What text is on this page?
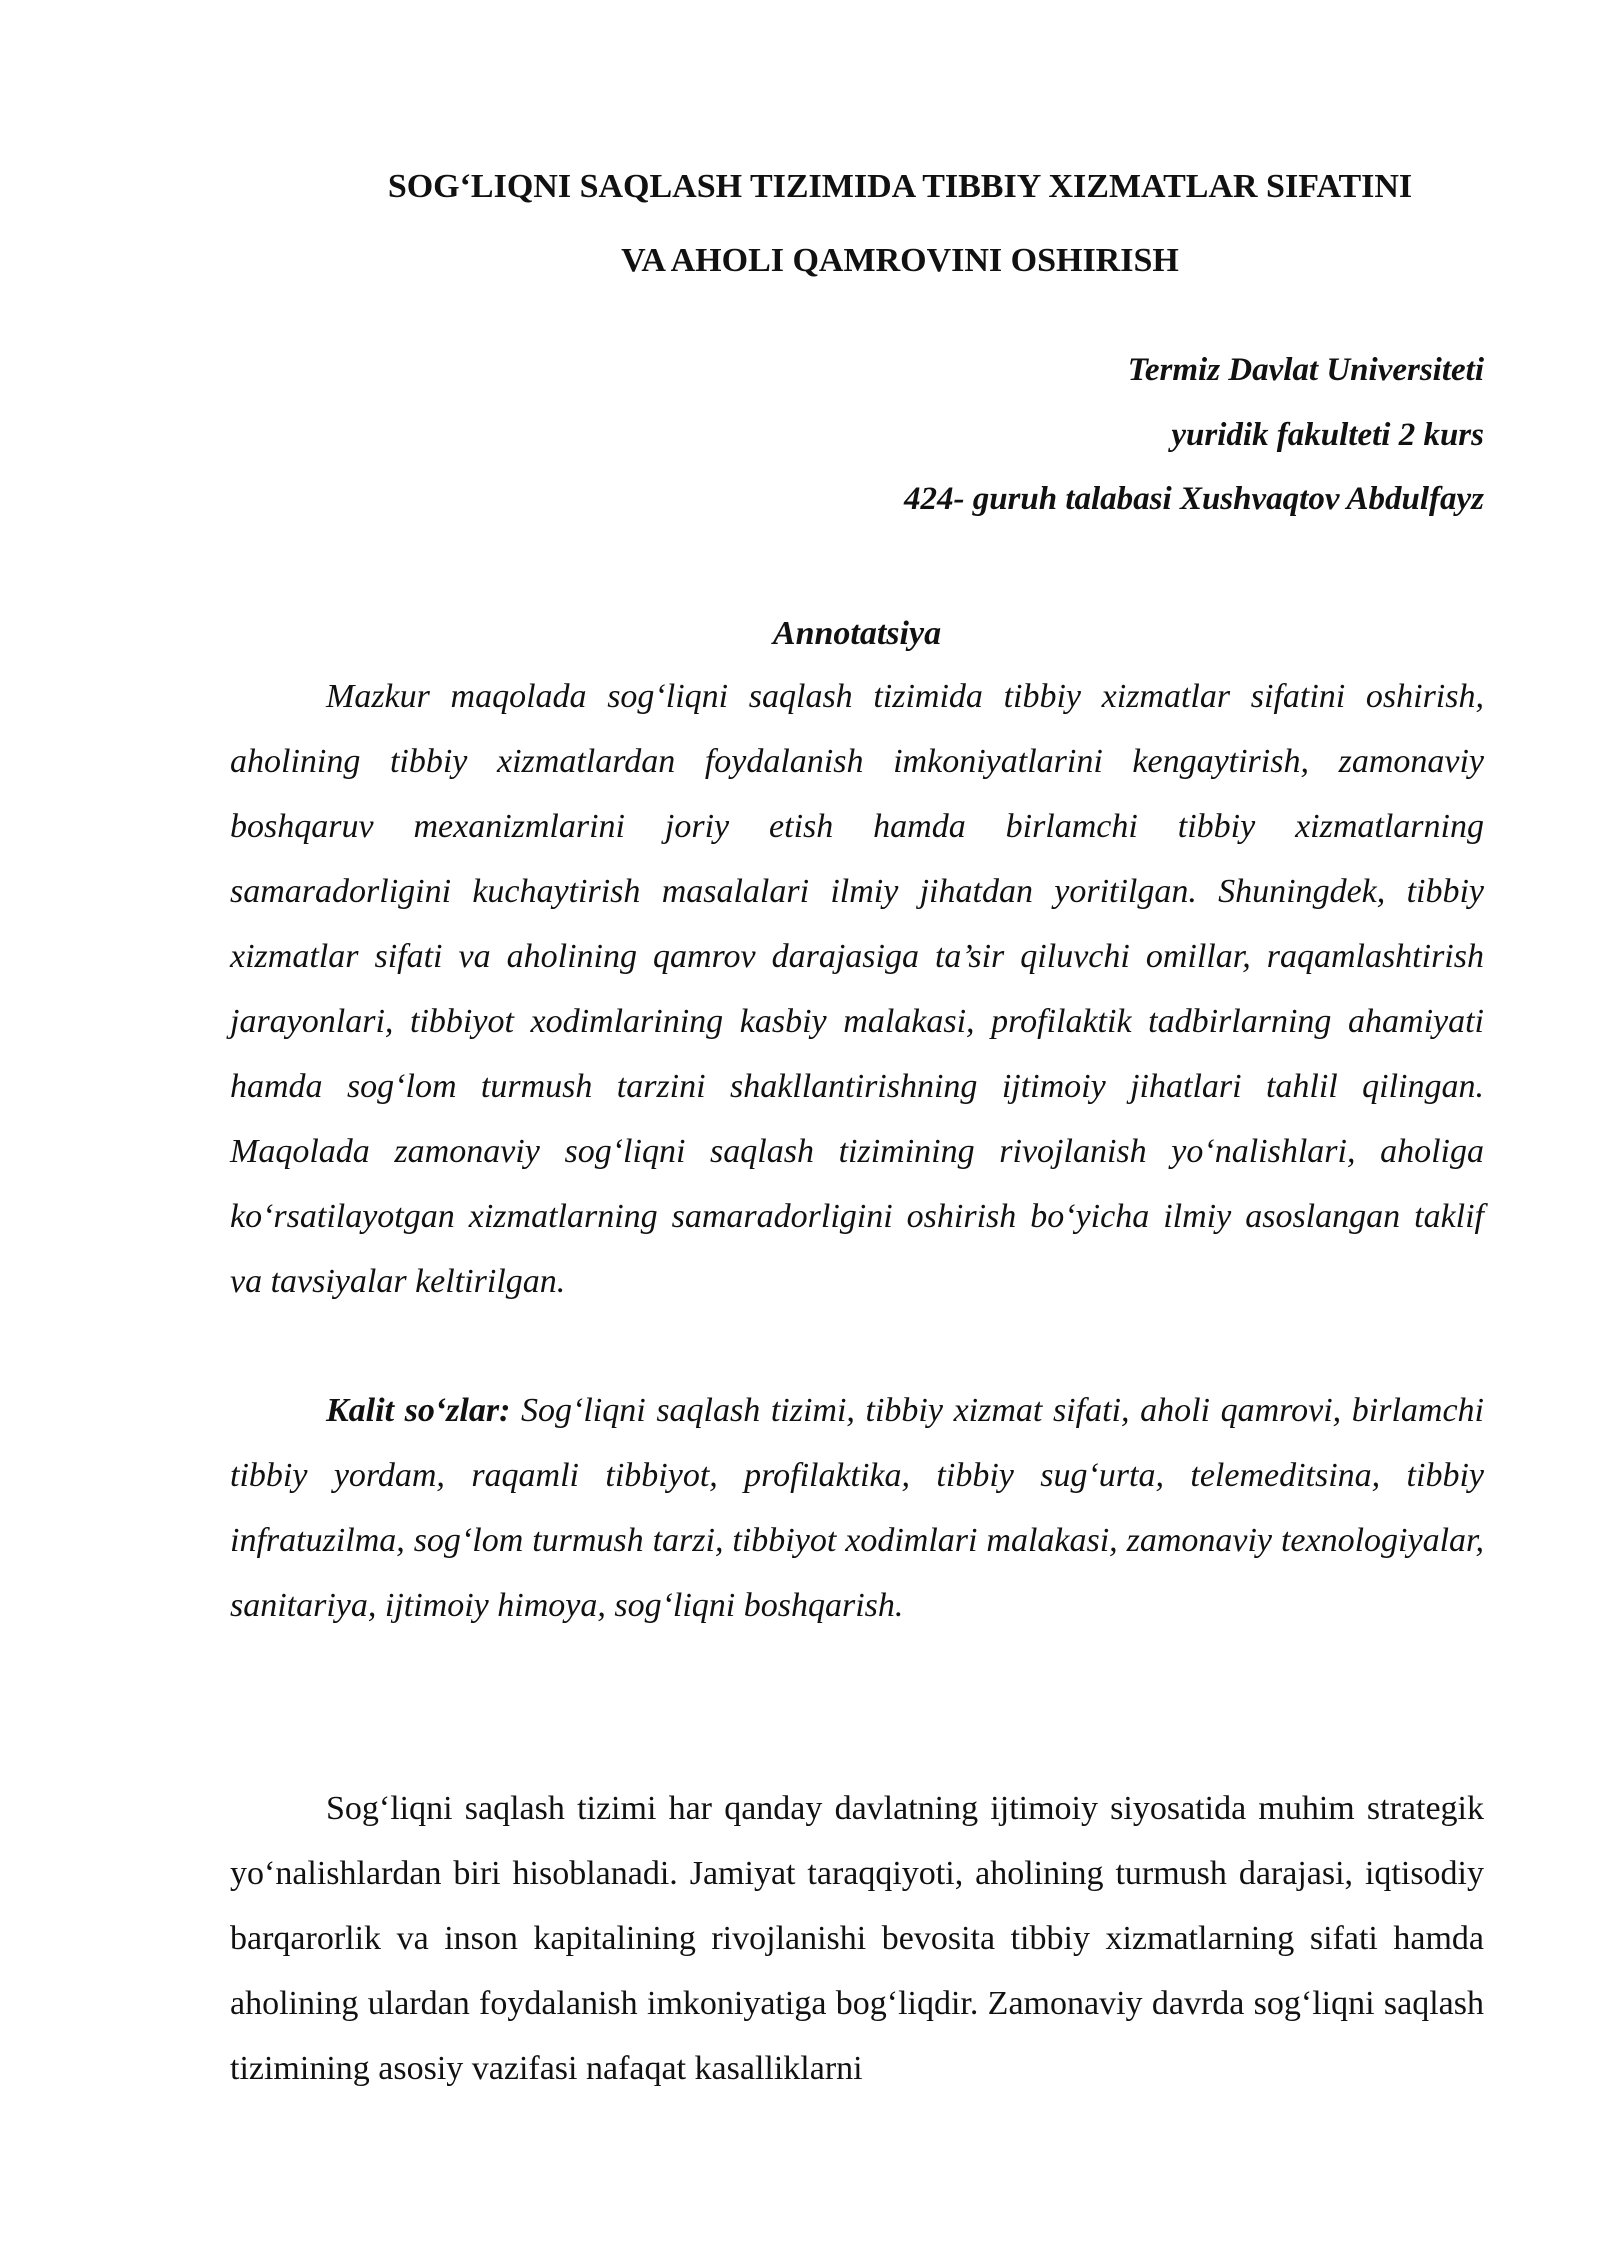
SOG‘LIQNI SAQLASH TIZIMIDA TIBBIY XIZMATLAR SIFATINI
VA AHOLI QAMROVINI OSHIRISH
Termiz Davlat Universiteti
yuridik fakulteti 2 kurs
424- guruh talabasi Xushvaqtov Abdulfayz
Annotatsiya

Mazkur maqolada sog‘liqni saqlash tizimida tibbiy xizmatlar sifatini oshirish, aholining tibbiy xizmatlardan foydalanish imkoniyatlarini kengaytirish, zamonaviy boshqaruv mexanizmlarini joriy etish hamda birlamchi tibbiy xizmatlarning samaradorligini kuchaytirish masalalari ilmiy jihatdan yoritilgan. Shuningdek, tibbiy xizmatlar sifati va aholining qamrov darajasiga ta’sir qiluvchi omillar, raqamlashtirish jarayonlari, tibbiyot xodimlarining kasbiy malakasi, profilaktik tadbirlarning ahamiyati hamda sog‘lom turmush tarzini shakllantirishning ijtimoiy jihatlari tahlil qilingan. Maqolada zamonaviy sog‘liqni saqlash tizimining rivojlanish yo‘nalishlari, aholiga ko‘rsatilayotgan xizmatlarning samaradorligini oshirish bo‘yicha ilmiy asoslangan taklif va tavsiyalar keltirilgan.

Kalit so‘zlar: Sog‘liqni saqlash tizimi, tibbiy xizmat sifati, aholi qamrovi, birlamchi tibbiy yordam, raqamli tibbiyot, profilaktika, tibbiy sug‘urta, telemeditsina, tibbiy infratuzilma, sog‘lom turmush tarzi, tibbiyot xodimlari malakasi, zamonaviy texnologiyalar, sanitariya, ijtimoiy himoya, sog‘liqni boshqarish.

Sog‘liqni saqlash tizimi har qanday davlatning ijtimoiy siyosatida muhim strategik yo‘nalishlardan biri hisoblanadi. Jamiyat taraqqiyoti, aholining turmush darajasi, iqtisodiy barqarorlik va inson kapitalining rivojlanishi bevosita tibbiy xizmatlarning sifati hamda aholining ulardan foydalanish imkoniyatiga bog‘liqdir. Zamonaviy davrda sog‘liqni saqlash tizimining asosiy vazifasi nafaqat kasalliklarni
